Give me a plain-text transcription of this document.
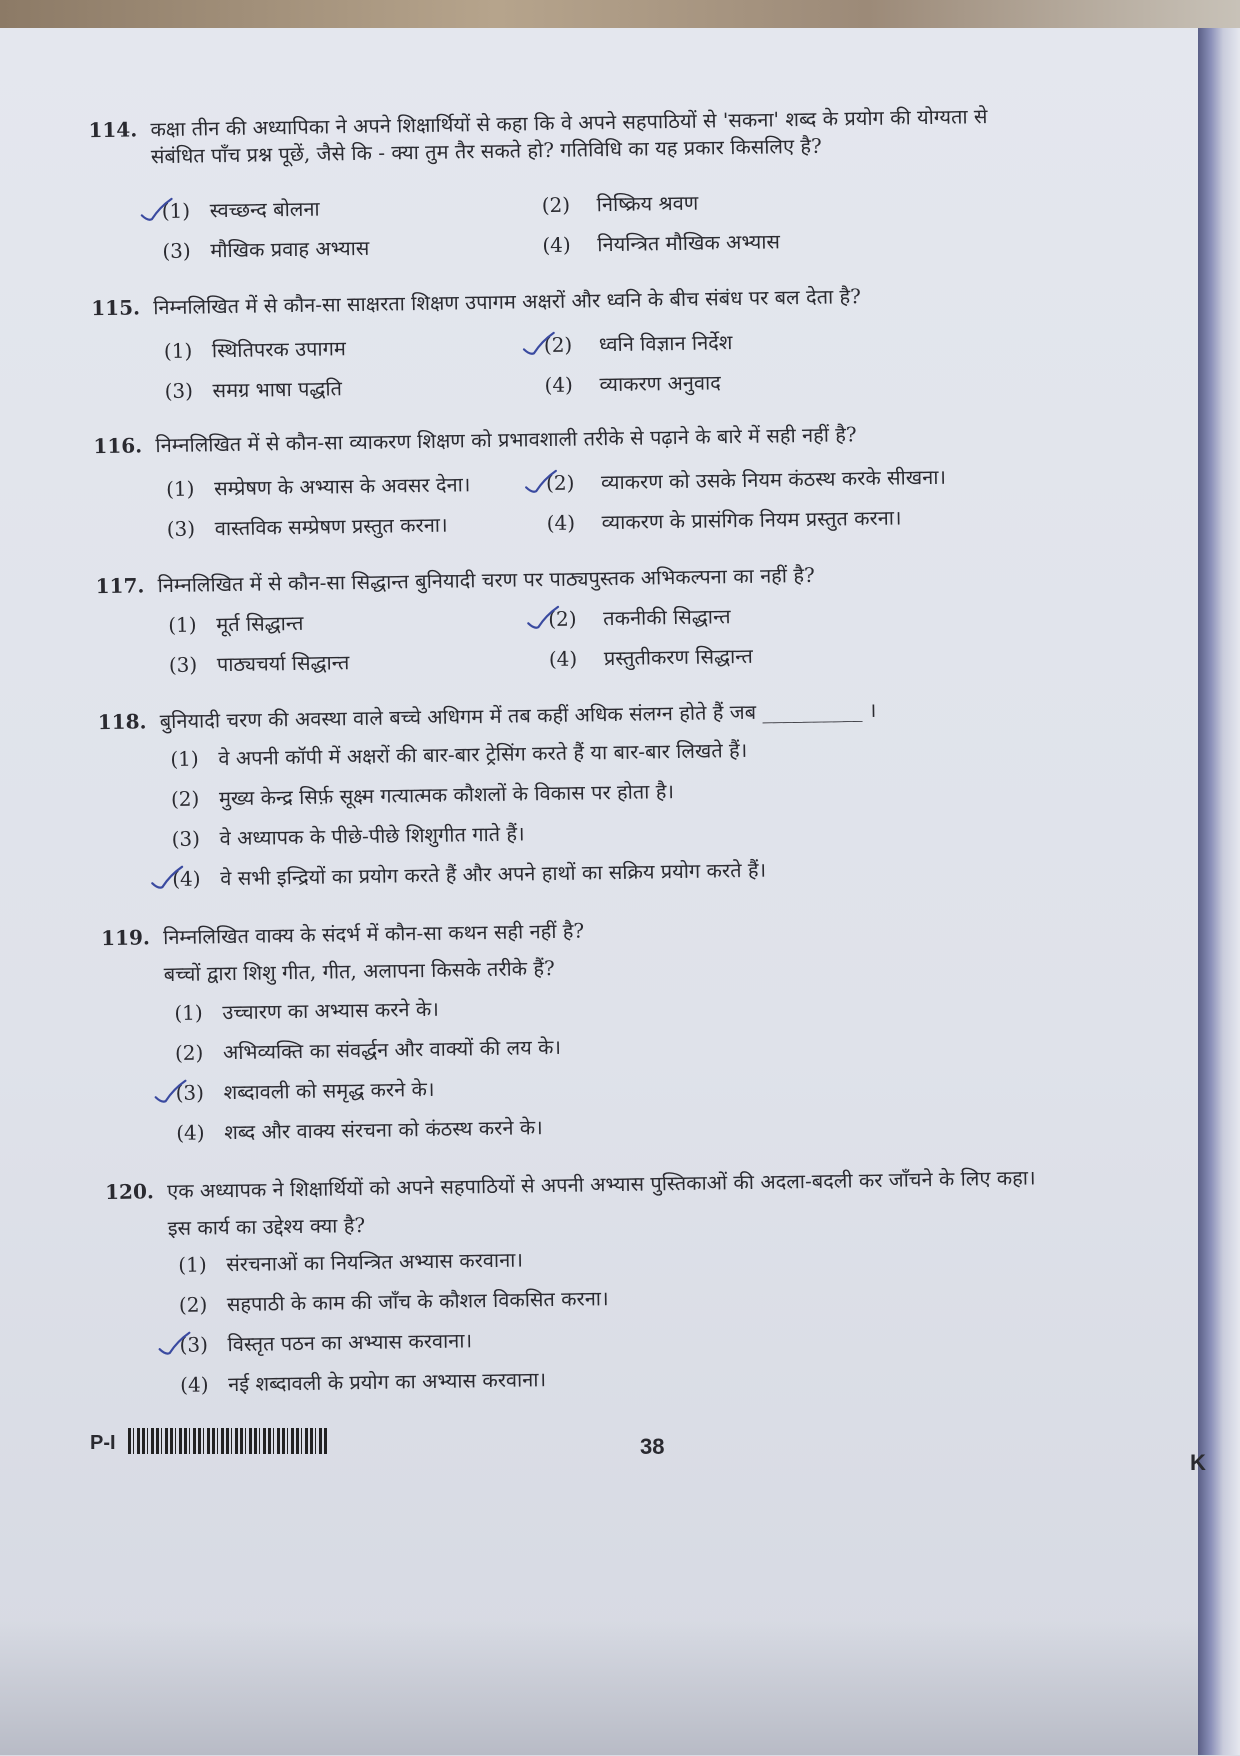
114. कक्षा तीन की अध्यापिका ने अपने शिक्षार्थियों से कहा कि वे अपने सहपाठियों से 'सकना' शब्द के प्रयोग की योग्यता से
संबंधित पाँच प्रश्न पूछें, जैसे कि - क्या तुम तैर सकते हो? गतिविधि का यह प्रकार किसलिए है?
(1) स्वच्छन्द बोलना	(2) निष्क्रिय श्रवण
(3) मौखिक प्रवाह अभ्यास	(4) नियन्त्रित मौखिक अभ्यास
115. निम्नलिखित में से कौन-सा साक्षरता शिक्षण उपागम अक्षरों और ध्वनि के बीच संबंध पर बल देता है?
(1) स्थितिपरक उपागम	(2) ध्वनि विज्ञान निर्देश
(3) समग्र भाषा पद्धति	(4) व्याकरण अनुवाद
116. निम्नलिखित में से कौन-सा व्याकरण शिक्षण को प्रभावशाली तरीके से पढ़ाने के बारे में सही नहीं है?
(1) सम्प्रेषण के अभ्यास के अवसर देना।	(2) व्याकरण को उसके नियम कंठस्थ करके सीखना।
(3) वास्तविक सम्प्रेषण प्रस्तुत करना।	(4) व्याकरण के प्रासंगिक नियम प्रस्तुत करना।
117. निम्नलिखित में से कौन-सा सिद्धान्त बुनियादी चरण पर पाठ्यपुस्तक अभिकल्पना का नहीं है?
(1) मूर्त सिद्धान्त	(2) तकनीकी सिद्धान्त
(3) पाठ्यचर्या सिद्धान्त	(4) प्रस्तुतीकरण सिद्धान्त
118. बुनियादी चरण की अवस्था वाले बच्चे अधिगम में तब कहीं अधिक संलग्न होते हैं जब __________ ।
(1) वे अपनी कॉपी में अक्षरों की बार-बार ट्रेसिंग करते हैं या बार-बार लिखते हैं।
(2) मुख्य केन्द्र सिर्फ़ सूक्ष्म गत्यात्मक कौशलों के विकास पर होता है।
(3) वे अध्यापक के पीछे-पीछे शिशुगीत गाते हैं।
(4) वे सभी इन्द्रियों का प्रयोग करते हैं और अपने हाथों का सक्रिय प्रयोग करते हैं।
119. निम्नलिखित वाक्य के संदर्भ में कौन-सा कथन सही नहीं है?
बच्चों द्वारा शिशु गीत, गीत, अलापना किसके तरीके हैं?
(1) उच्चारण का अभ्यास करने के।
(2) अभिव्यक्ति का संवर्द्धन और वाक्यों की लय के।
(3) शब्दावली को समृद्ध करने के।
(4) शब्द और वाक्य संरचना को कंठस्थ करने के।
120. एक अध्यापक ने शिक्षार्थियों को अपने सहपाठियों से अपनी अभ्यास पुस्तिकाओं की अदला-बदली कर जाँचने के लिए कहा।
इस कार्य का उद्देश्य क्या है?
(1) संरचनाओं का नियन्त्रित अभ्यास करवाना।
(2) सहपाठी के काम की जाँच के कौशल विकसित करना।
(3) विस्तृत पठन का अभ्यास करवाना।
(4) नई शब्दावली के प्रयोग का अभ्यास करवाना।
P-I	38
K
